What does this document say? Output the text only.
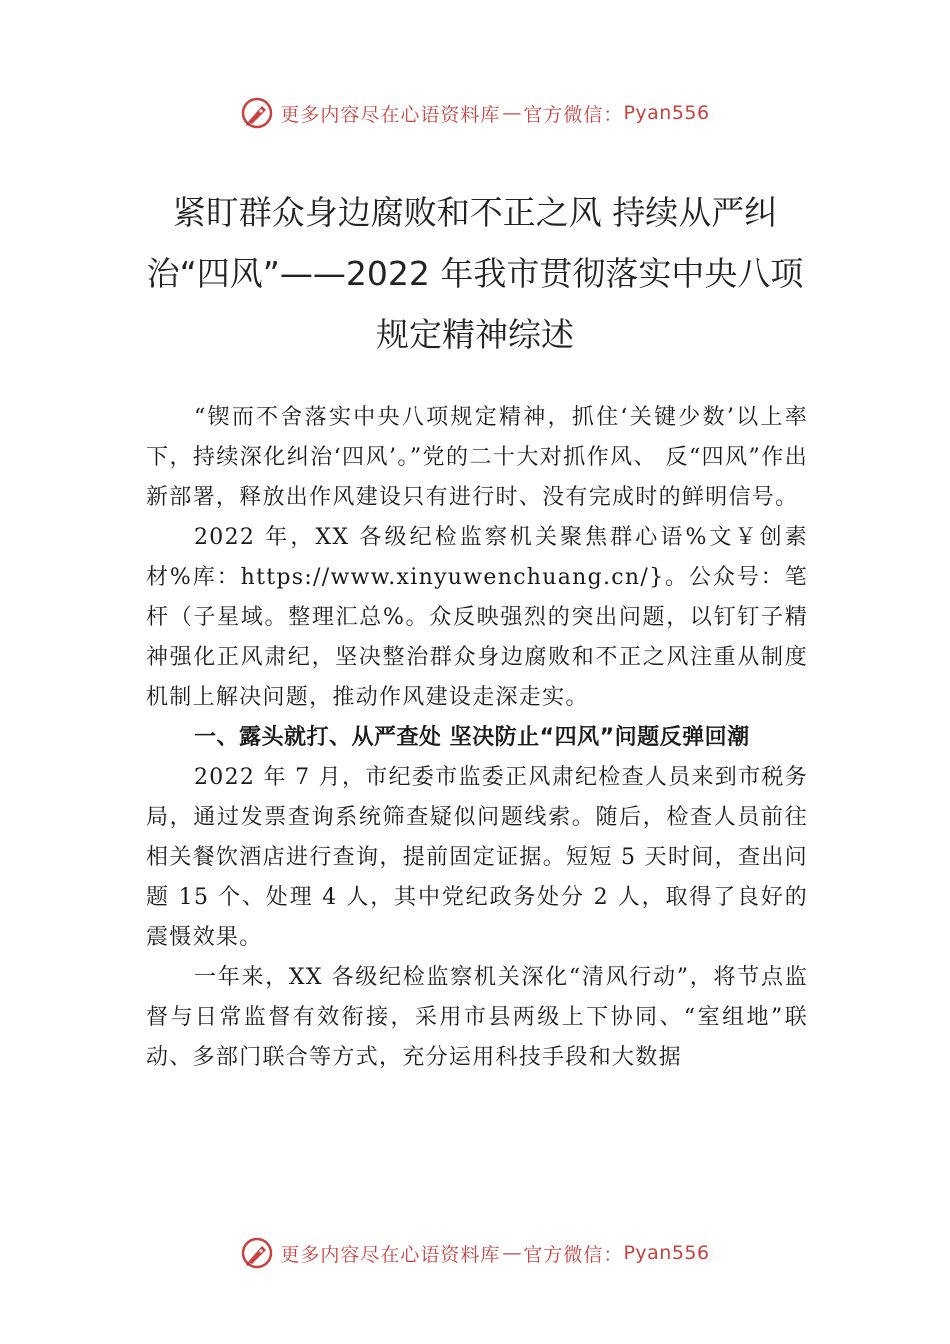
更多内容尽在心语资料库 — 官方微信： Pyan556
紧盯群众身边腐败和不正之风 持续从严纠治“四风”——2022 年我市贯彻落实中央八项规定精神综述

“锲而不舍落实中央八项规定精神，抓住‘关键少数’以上率下，持续深化纠治‘四风’。”党的二十大对抓作风、 反“四风”作出新部署，释放出作风建设只有进行时、没有完成时的鲜明信号。

2022 年，XX 各级纪检监察机关聚焦群心语%文￥创素材%库：https://www.xinyuwenchuang.cn/}。公众号：笔杆（子星域。整理汇总%。众反映强烈的突出问题，以钉钉子精神强化正风肃纪，坚决整治群众身边腐败和不正之风注重从制度机制上解决问题，推动作风建设走深走实。

一、露头就打、从严查处 坚决防止“四风”问题反弹回潮

2022 年 7 月，市纪委市监委正风肃纪检查人员来到市税务局，通过发票查询系统筛查疑似问题线索。随后，检查人员前往相关餐饮酒店进行查询，提前固定证据。短短 5 天时间，查出问题 15 个、处理 4 人，其中党纪政务处分 2 人，取得了良好的震慑效果。

一年来，XX 各级纪检监察机关深化“清风行动”，将节点监督与日常监督有效衔接，采用市县两级上下协同、“室组地”联动、多部门联合等方式，充分运用科技手段和大数据

更多内容尽在心语资料库 — 官方微信： Pyan556
